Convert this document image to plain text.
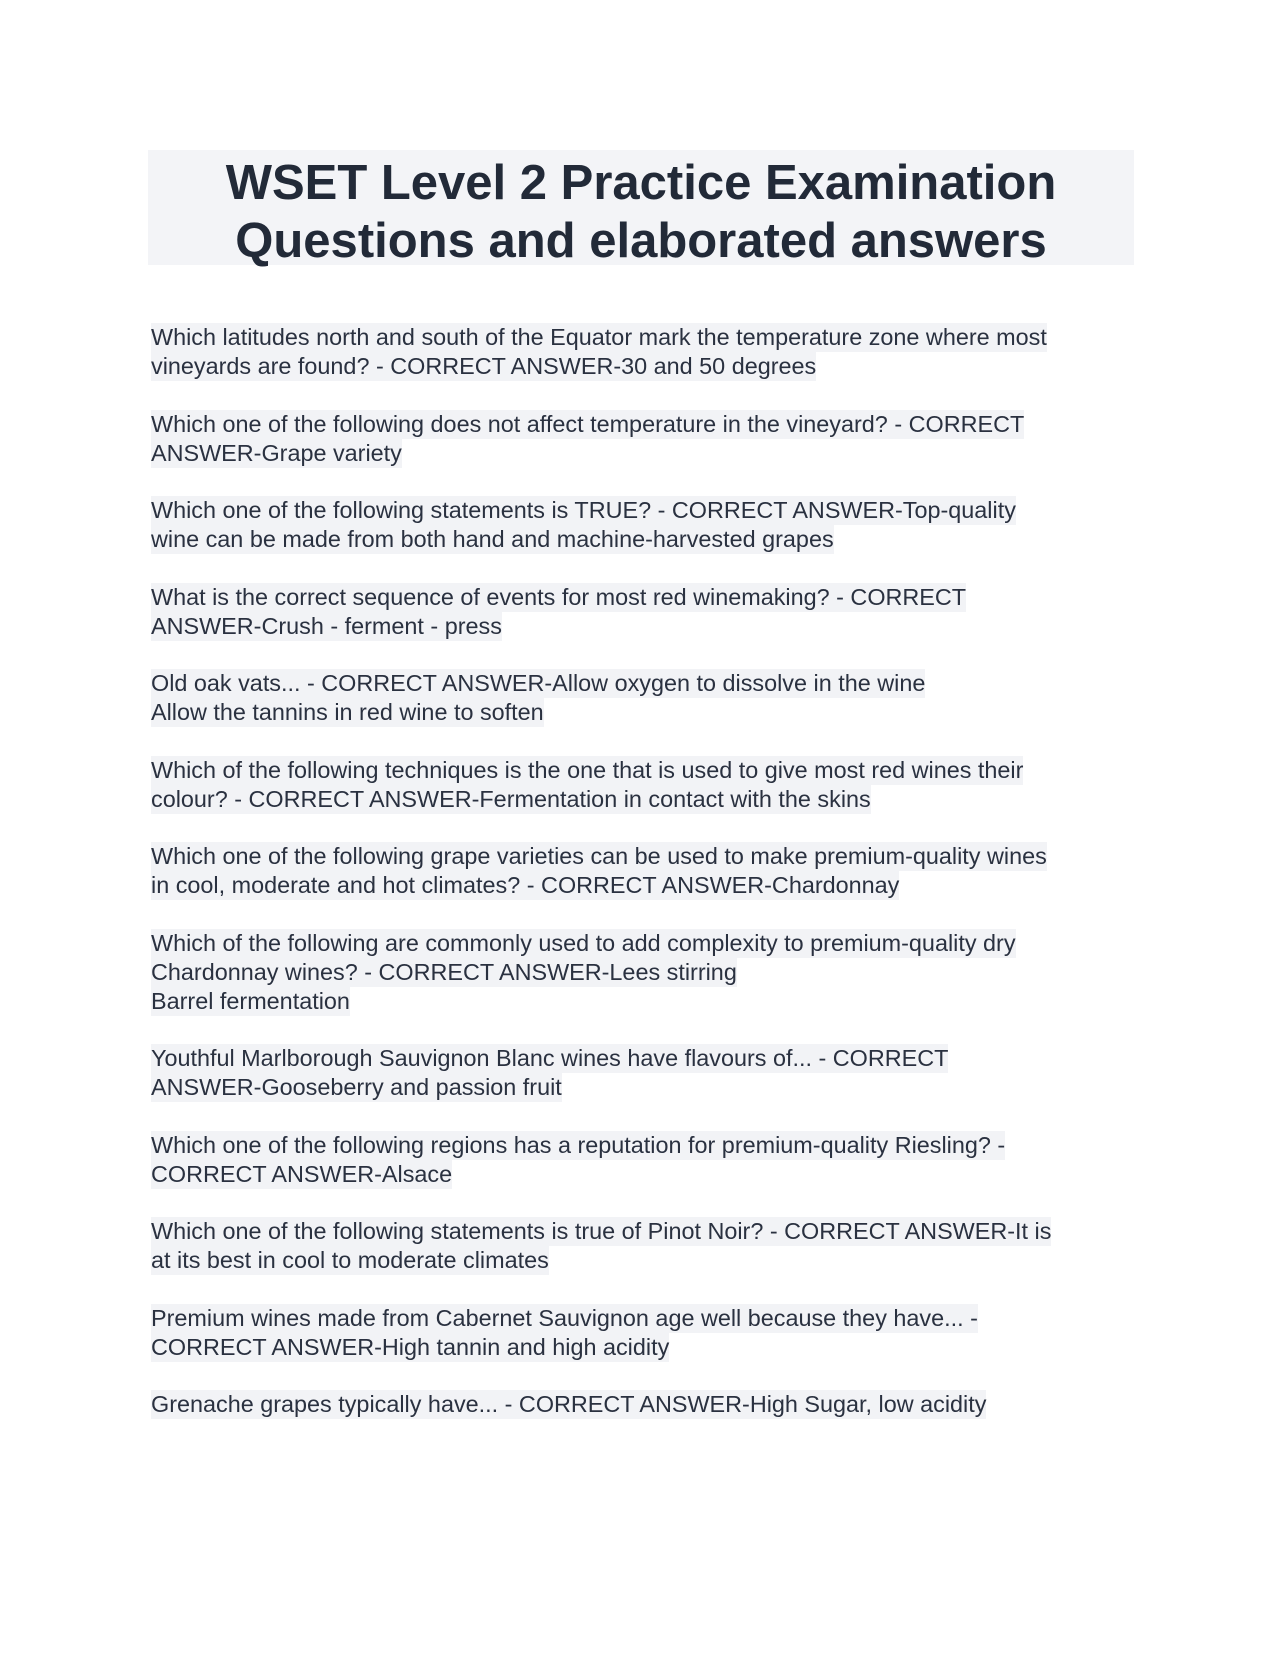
WSET Level 2 Practice Examination
Questions and elaborated answers
Which latitudes north and south of the Equator mark the temperature zone where most
vineyards are found? - CORRECT ANSWER-30 and 50 degrees
Which one of the following does not affect temperature in the vineyard? - CORRECT
ANSWER-Grape variety
Which one of the following statements is TRUE? - CORRECT ANSWER-Top-quality
wine can be made from both hand and machine-harvested grapes
What is the correct sequence of events for most red winemaking? - CORRECT
ANSWER-Crush - ferment - press
Old oak vats... - CORRECT ANSWER-Allow oxygen to dissolve in the wine
Allow the tannins in red wine to soften
Which of the following techniques is the one that is used to give most red wines their
colour? - CORRECT ANSWER-Fermentation in contact with the skins
Which one of the following grape varieties can be used to make premium-quality wines
in cool, moderate and hot climates? - CORRECT ANSWER-Chardonnay
Which of the following are commonly used to add complexity to premium-quality dry
Chardonnay wines? - CORRECT ANSWER-Lees stirring
Barrel fermentation
Youthful Marlborough Sauvignon Blanc wines have flavours of... - CORRECT
ANSWER-Gooseberry and passion fruit
Which one of the following regions has a reputation for premium-quality Riesling? -
CORRECT ANSWER-Alsace
Which one of the following statements is true of Pinot Noir? - CORRECT ANSWER-It is
at its best in cool to moderate climates
Premium wines made from Cabernet Sauvignon age well because they have... -
CORRECT ANSWER-High tannin and high acidity
Grenache grapes typically have... - CORRECT ANSWER-High Sugar, low acidity
